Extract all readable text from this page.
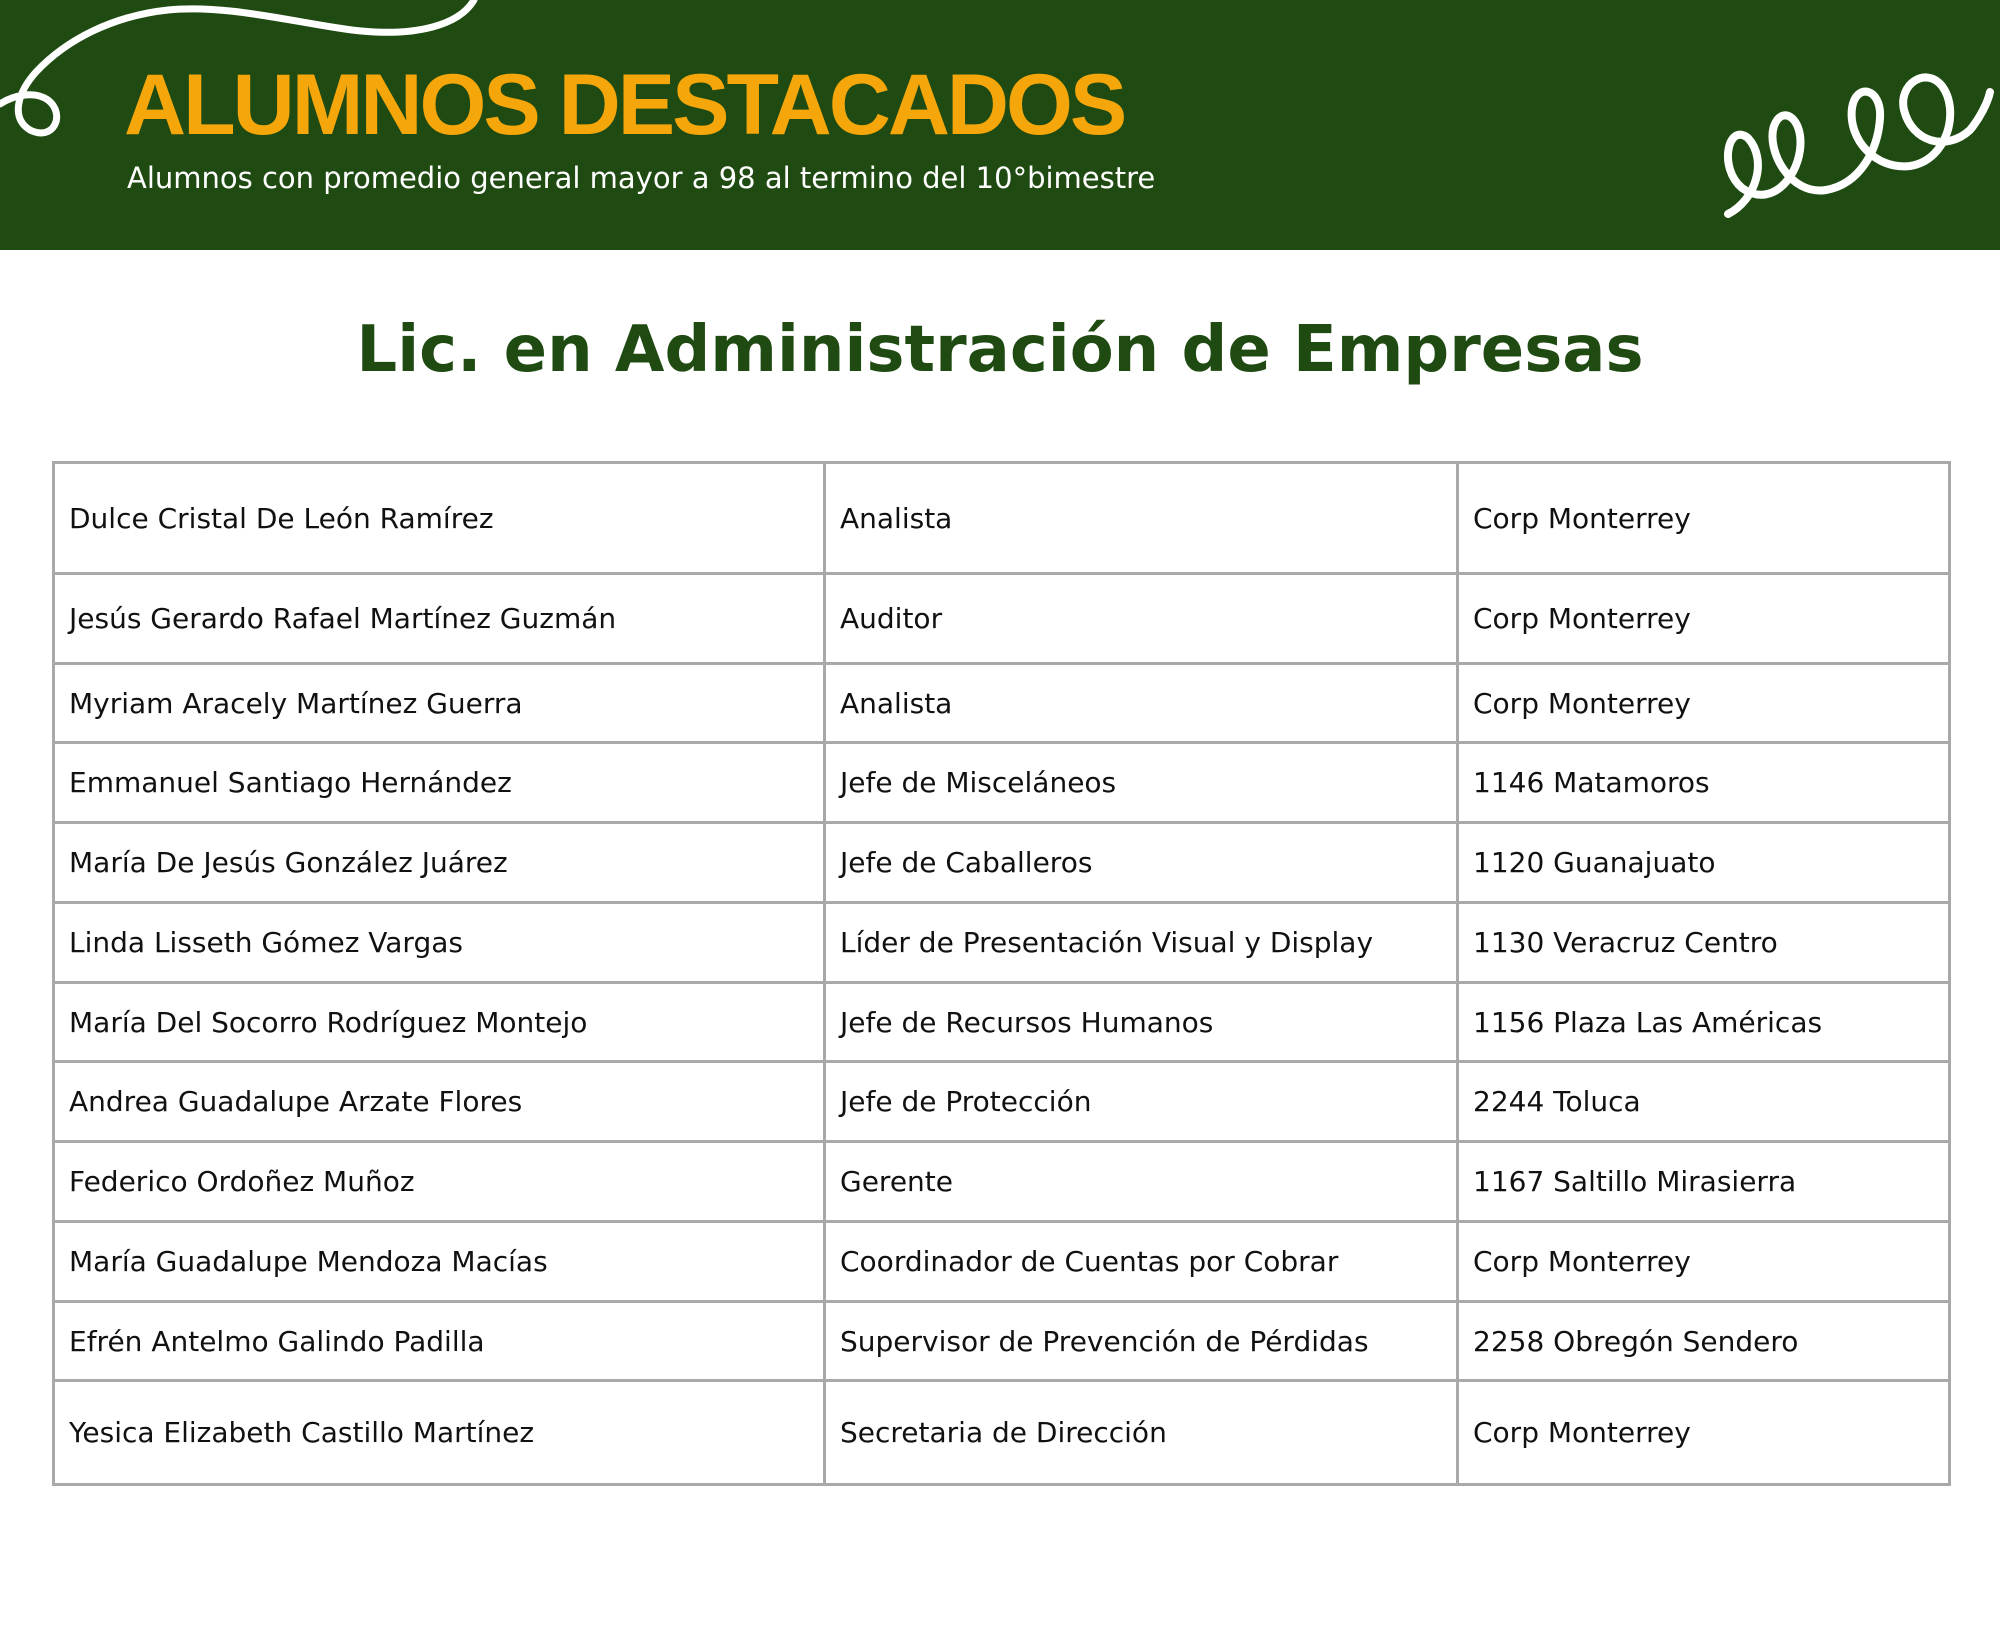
ALUMNOS DESTACADOS

Alumnos con promedio general mayor a 98 al termino del 10°bimestre

Lic. en Administración de Empresas
Dulce Cristal De León Ramírez	Analista	Corp Monterrey
Jesús Gerardo Rafael Martínez Guzmán	Auditor	Corp Monterrey
Myriam Aracely Martínez Guerra	Analista	Corp Monterrey
Emmanuel Santiago Hernández	Jefe de Misceláneos	1146 Matamoros
María De Jesús González Juárez	Jefe de Caballeros	1120 Guanajuato
Linda Lisseth Gómez Vargas	Líder de Presentación Visual y Display	1130 Veracruz Centro
María Del Socorro Rodríguez Montejo	Jefe de Recursos Humanos	1156 Plaza Las Américas
Andrea Guadalupe Arzate Flores	Jefe de Protección	2244 Toluca
Federico Ordoñez Muñoz	Gerente	1167 Saltillo Mirasierra
María Guadalupe Mendoza Macías	Coordinador de Cuentas por Cobrar	Corp Monterrey
Efrén Antelmo Galindo Padilla	Supervisor de Prevención de Pérdidas	2258 Obregón Sendero
Yesica Elizabeth Castillo Martínez	Secretaria de Dirección	Corp Monterrey
